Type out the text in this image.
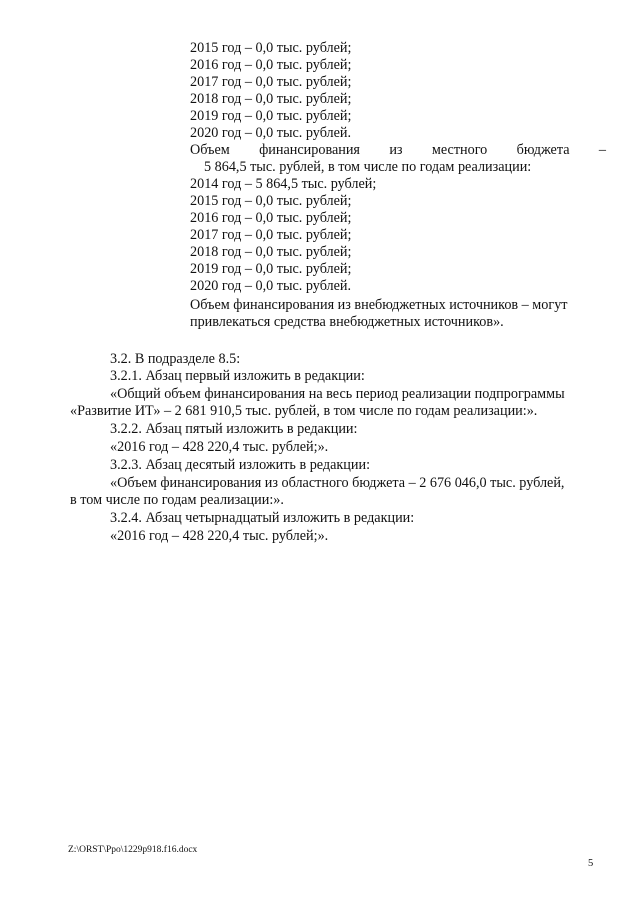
2015 год – 0,0 тыс. рублей;
2016 год – 0,0 тыс. рублей;
2017 год – 0,0 тыс. рублей;
2018 год – 0,0 тыс. рублей;
2019 год – 0,0 тыс. рублей;
2020 год – 0,0 тыс. рублей.
Объем финансирования из местного бюджета –
5 864,5 тыс. рублей, в том числе по годам реализации:
2014 год – 5 864,5 тыс. рублей;
2015 год – 0,0 тыс. рублей;
2016 год – 0,0 тыс. рублей;
2017 год – 0,0 тыс. рублей;
2018 год – 0,0 тыс. рублей;
2019 год – 0,0 тыс. рублей;
2020 год – 0,0 тыс. рублей.
Объем финансирования из внебюджетных источников – могут
привлекаться средства внебюджетных источников».
3.2. В подразделе 8.5:
3.2.1. Абзац первый изложить в редакции:
«Общий объем финансирования на весь период реализации подпрограммы
«Развитие ИТ» – 2 681 910,5 тыс. рублей, в том числе по годам реализации:».
3.2.2. Абзац пятый изложить в редакции:
«2016 год – 428 220,4 тыс. рублей;».
3.2.3. Абзац десятый изложить в редакции:
«Объем финансирования из областного бюджета – 2 676 046,0 тыс. рублей,
в том числе по годам реализации:».
3.2.4. Абзац четырнадцатый изложить в редакции:
«2016 год – 428 220,4 тыс. рублей;».
Z:\ORST\Ppo\1229p918.f16.docx
5
